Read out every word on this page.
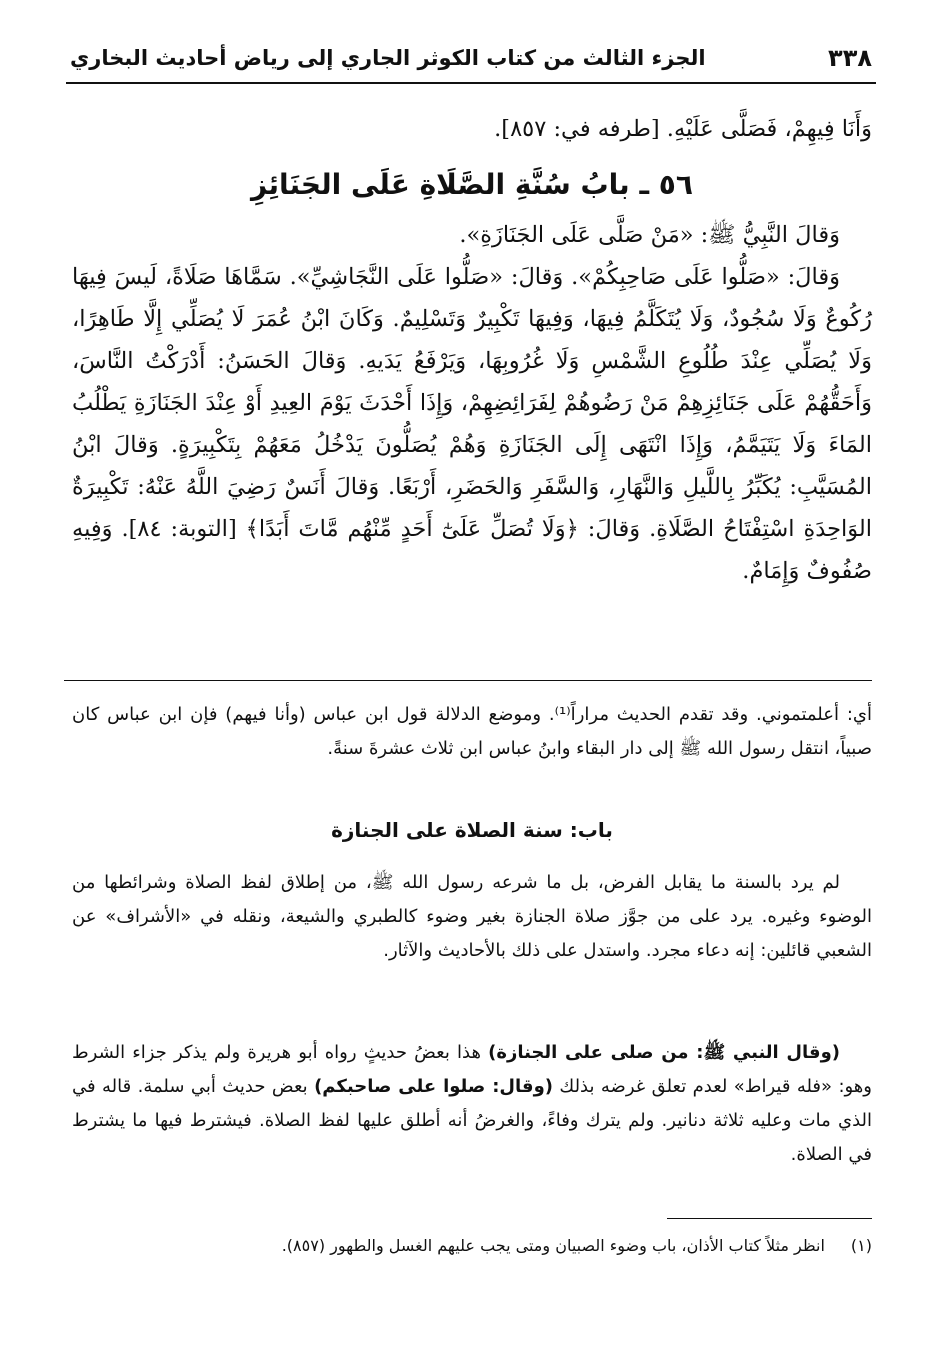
٣٣٨
الجزء الثالث من كتاب الكوثر الجاري إلى رياض أحاديث البخاري
وَأَنَا فِيهِمْ، فَصَلَّى عَلَيْهِ. [طرفه في: ٨٥٧].
٥٦ ـ بابُ سُنَّةِ الصَّلَاةِ عَلَى الجَنَائِزِ

وَقالَ النَّبِيُّ ﷺ: «مَنْ صَلَّى عَلَى الجَنَازَةِ».

وَقالَ: «صَلُّوا عَلَى صَاحِبِكُمْ». وَقالَ: «صَلُّوا عَلَى النَّجَاشِيِّ». سَمَّاهَا صَلَاةً، لَيسَ فِيهَا رُكُوعٌ وَلَا سُجُودٌ، وَلَا يُتَكَلَّمُ فِيهَا، وَفِيهَا تَكْبِيرٌ وَتَسْلِيمٌ. وَكَانَ ابْنُ عُمَرَ لَا يُصَلِّي إِلَّا طَاهِرًا، وَلَا يُصَلِّي عِنْدَ طُلُوعِ الشَّمْسِ وَلَا غُرُوبِهَا، وَيَرْفَعُ يَدَيهِ. وَقالَ الحَسَنُ: أَدْرَكْتُ النَّاسَ، وَأَحَقُّهُمْ عَلَى جَنَائِزِهِمْ مَنْ رَضُوهُمْ لِفَرَائِضِهِمْ، وَإِذَا أَحْدَثَ يَوْمَ العِيدِ أَوْ عِنْدَ الجَنَازَةِ يَطْلُبُ المَاءَ وَلَا يَتَيَمَّمُ، وَإِذَا انْتَهَى إِلَى الجَنَازَةِ وَهُمْ يُصَلُّونَ يَدْخُلُ مَعَهُمْ بِتَكْبِيرَةٍ. وَقالَ ابْنُ المُسَيَّبِ: يُكَبِّرُ بِاللَّيلِ وَالنَّهَارِ، وَالسَّفَرِ وَالحَضَرِ، أَرْبَعًا. وَقالَ أَنَسٌ رَضِيَ اللَّهُ عَنْهُ: تَكْبِيرَةٌ الوَاحِدَةِ اسْتِفْتَاحُ الصَّلَاةِ. وَقالَ: ﴿وَلَا تُصَلِّ عَلَىٰٓ أَحَدٍ مِّنْهُم مَّاتَ أَبَدًا﴾ [التوبة: ٨٤]. وَفِيهِ صُفُوفٌ وَإِمَامٌ.

أي: أعلمتموني. وقد تقدم الحديث مراراً⁽¹⁾. وموضع الدلالة قول ابن عباس (وأنا فيهم) فإن ابن عباس كان صبياً، انتقل رسول الله ﷺ إلى دار البقاء وابنُ عباس ابن ثلاث عشرةَ سنةً.
باب: سنة الصلاة على الجنازة

لم يرد بالسنة ما يقابل الفرض، بل ما شرعه رسول الله ﷺ، من إطلاق لفظ الصلاة وشرائطها من الوضوء وغيره. يرد على من جوَّز صلاة الجنازة بغير وضوء كالطبري والشيعة، ونقله في «الأشراف» عن الشعبي قائلين: إنه دعاء مجرد. واستدل على ذلك بالأحاديث والآثار.

(وقال النبي ﷺ: من صلى على الجنازة) هذا بعضُ حديثٍ رواه أبو هريرة ولم يذكر جزاء الشرط وهو: «فله قيراط» لعدم تعلق غرضه بذلك (وقال: صلوا على صاحبكم) بعض حديث أبي سلمة. قاله في الذي مات وعليه ثلاثة دنانير. ولم يترك وفاءً، والغرضُ أنه أطلق عليها لفظ الصلاة. فيشترط فيها ما يشترط في الصلاة.

(١)انظر مثلاً كتاب الأذان، باب وضوء الصبيان ومتى يجب عليهم الغسل والطهور (٨٥٧).
